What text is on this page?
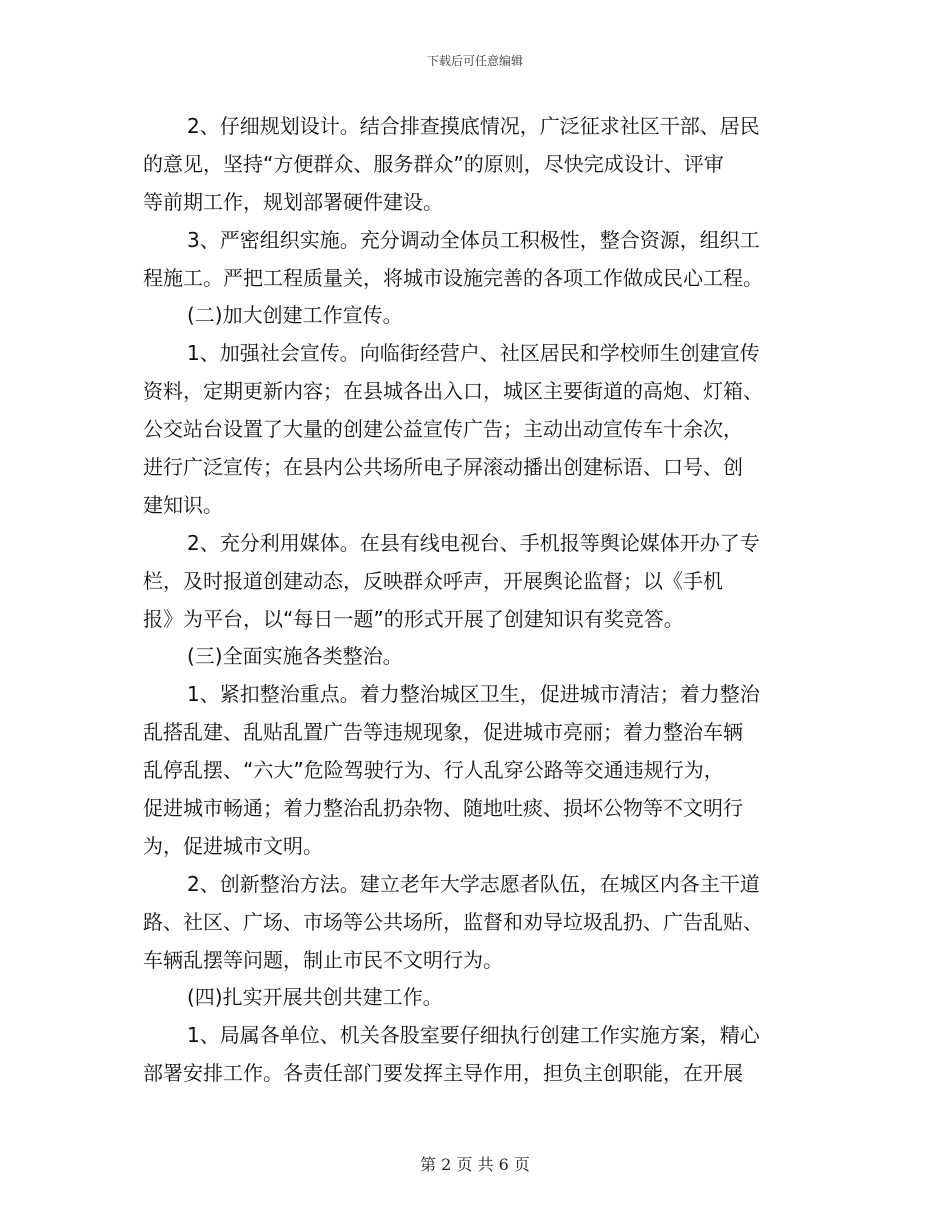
下载后可任意编辑
2、仔细规划设计。结合排查摸底情况，广泛征求社区干部、居民
的意见，坚持“方便群众、服务群众”的原则，尽快完成设计、评审
等前期工作，规划部署硬件建设。
3、严密组织实施。充分调动全体员工积极性，整合资源，组织工
程施工。严把工程质量关，将城市设施完善的各项工作做成民心工程。
(二)加大创建工作宣传。
1、加强社会宣传。向临街经营户、社区居民和学校师生创建宣传
资料，定期更新内容；在县城各出入口，城区主要街道的高炮、灯箱、
公交站台设置了大量的创建公益宣传广告；主动出动宣传车十余次，
进行广泛宣传；在县内公共场所电子屏滚动播出创建标语、口号、创
建知识。
2、充分利用媒体。在县有线电视台、手机报等舆论媒体开办了专
栏，及时报道创建动态，反映群众呼声，开展舆论监督；以《手机
报》为平台，以“每日一题”的形式开展了创建知识有奖竞答。
(三)全面实施各类整治。
1、紧扣整治重点。着力整治城区卫生，促进城市清洁；着力整治
乱搭乱建、乱贴乱置广告等违规现象，促进城市亮丽；着力整治车辆
乱停乱摆、“六大”危险驾驶行为、行人乱穿公路等交通违规行为，
促进城市畅通；着力整治乱扔杂物、随地吐痰、损坏公物等不文明行
为，促进城市文明。
2、创新整治方法。建立老年大学志愿者队伍，在城区内各主干道
路、社区、广场、市场等公共场所，监督和劝导垃圾乱扔、广告乱贴、
车辆乱摆等问题，制止市民不文明行为。
(四)扎实开展共创共建工作。
1、局属各单位、机关各股室要仔细执行创建工作实施方案，精心
部署安排工作。各责任部门要发挥主导作用，担负主创职能，在开展
第 2 页 共 6 页
